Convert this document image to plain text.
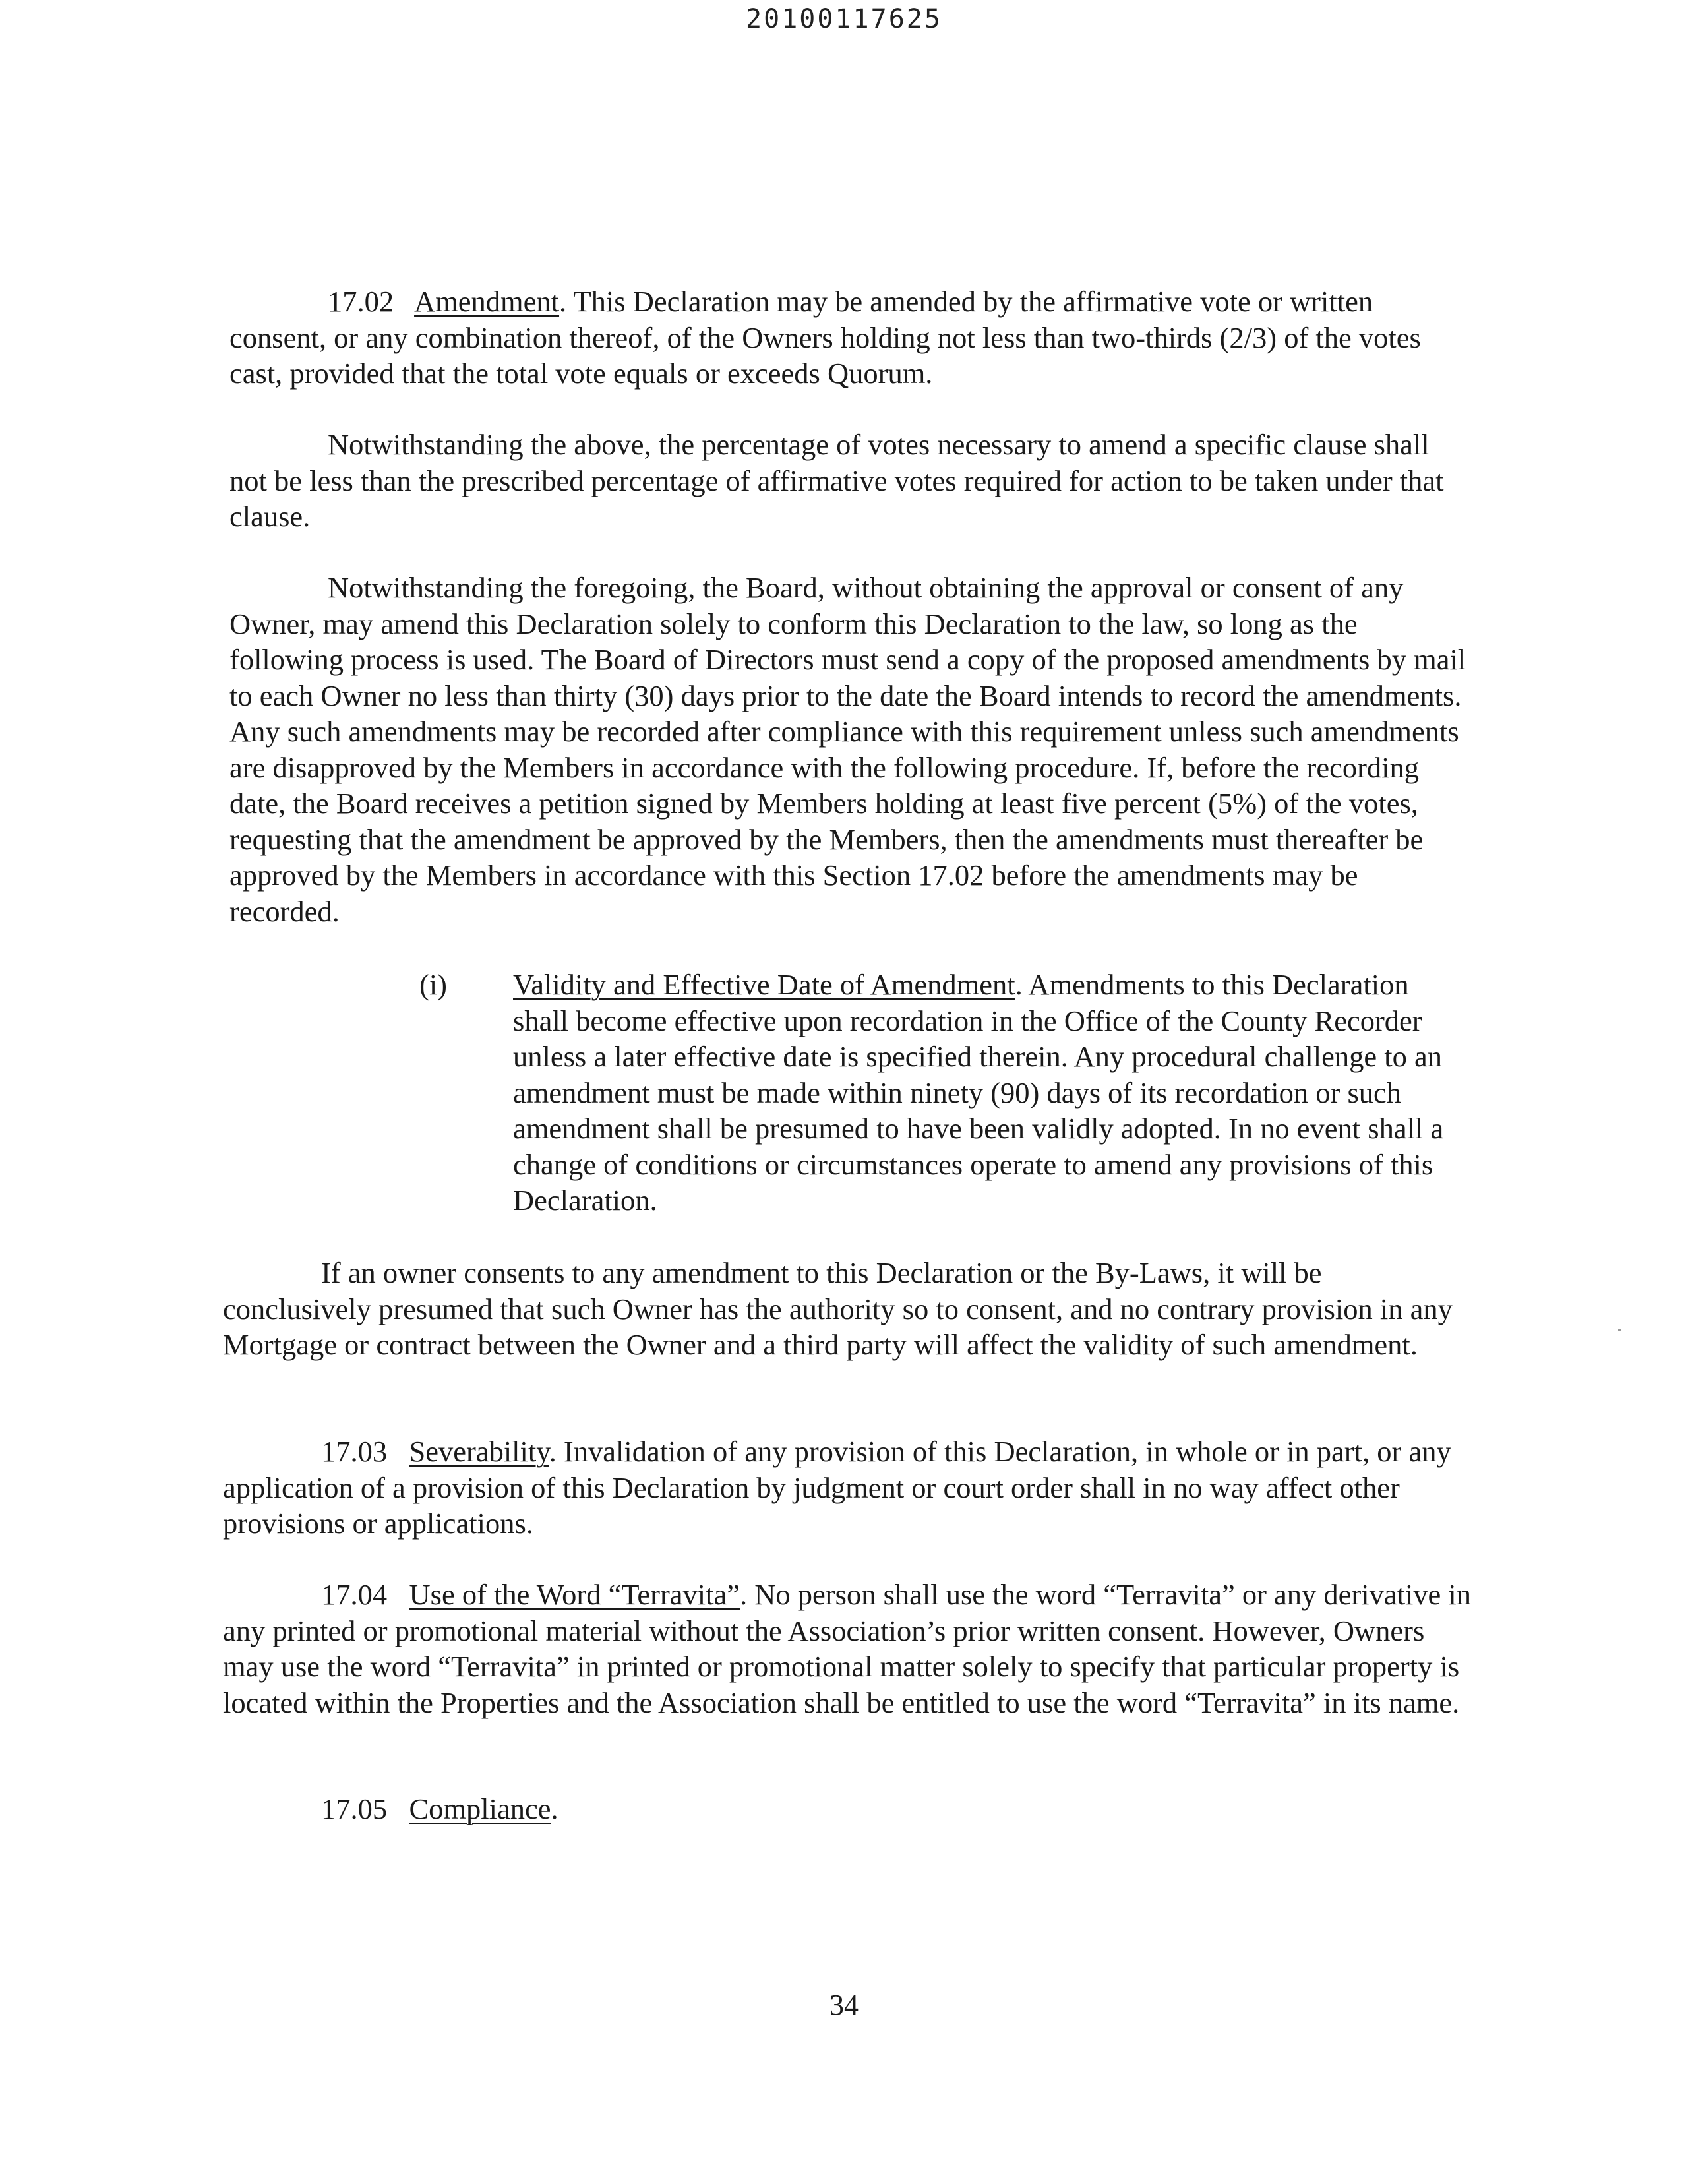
20100117625

17.02 Amendment. This Declaration may be amended by the affirmative vote or written consent, or any combination thereof, of the Owners holding not less than two-thirds (2/3) of the votes cast, provided that the total vote equals or exceeds Quorum.

Notwithstanding the above, the percentage of votes necessary to amend a specific clause shall not be less than the prescribed percentage of affirmative votes required for action to be taken under that clause.

Notwithstanding the foregoing, the Board, without obtaining the approval or consent of any Owner, may amend this Declaration solely to conform this Declaration to the law, so long as the following process is used. The Board of Directors must send a copy of the proposed amendments by mail to each Owner no less than thirty (30) days prior to the date the Board intends to record the amendments. Any such amendments may be recorded after compliance with this requirement unless such amendments are disapproved by the Members in accordance with the following procedure. If, before the recording date, the Board receives a petition signed by Members holding at least five percent (5%) of the votes, requesting that the amendment be approved by the Members, then the amendments must thereafter be approved by the Members in accordance with this Section 17.02 before the amendments may be recorded.

(i) Validity and Effective Date of Amendment. Amendments to this Declaration shall become effective upon recordation in the Office of the County Recorder unless a later effective date is specified therein. Any procedural challenge to an amendment must be made within ninety (90) days of its recordation or such amendment shall be presumed to have been validly adopted. In no event shall a change of conditions or circumstances operate to amend any provisions of this Declaration.

If an owner consents to any amendment to this Declaration or the By-Laws, it will be conclusively presumed that such Owner has the authority so to consent, and no contrary provision in any Mortgage or contract between the Owner and a third party will affect the validity of such amendment.

17.03 Severability. Invalidation of any provision of this Declaration, in whole or in part, or any application of a provision of this Declaration by judgment or court order shall in no way affect other provisions or applications.

17.04 Use of the Word “Terravita”. No person shall use the word “Terravita” or any derivative in any printed or promotional material without the Association’s prior written consent. However, Owners may use the word “Terravita” in printed or promotional matter solely to specify that particular property is located within the Properties and the Association shall be entitled to use the word “Terravita” in its name.

17.05 Compliance.

34
